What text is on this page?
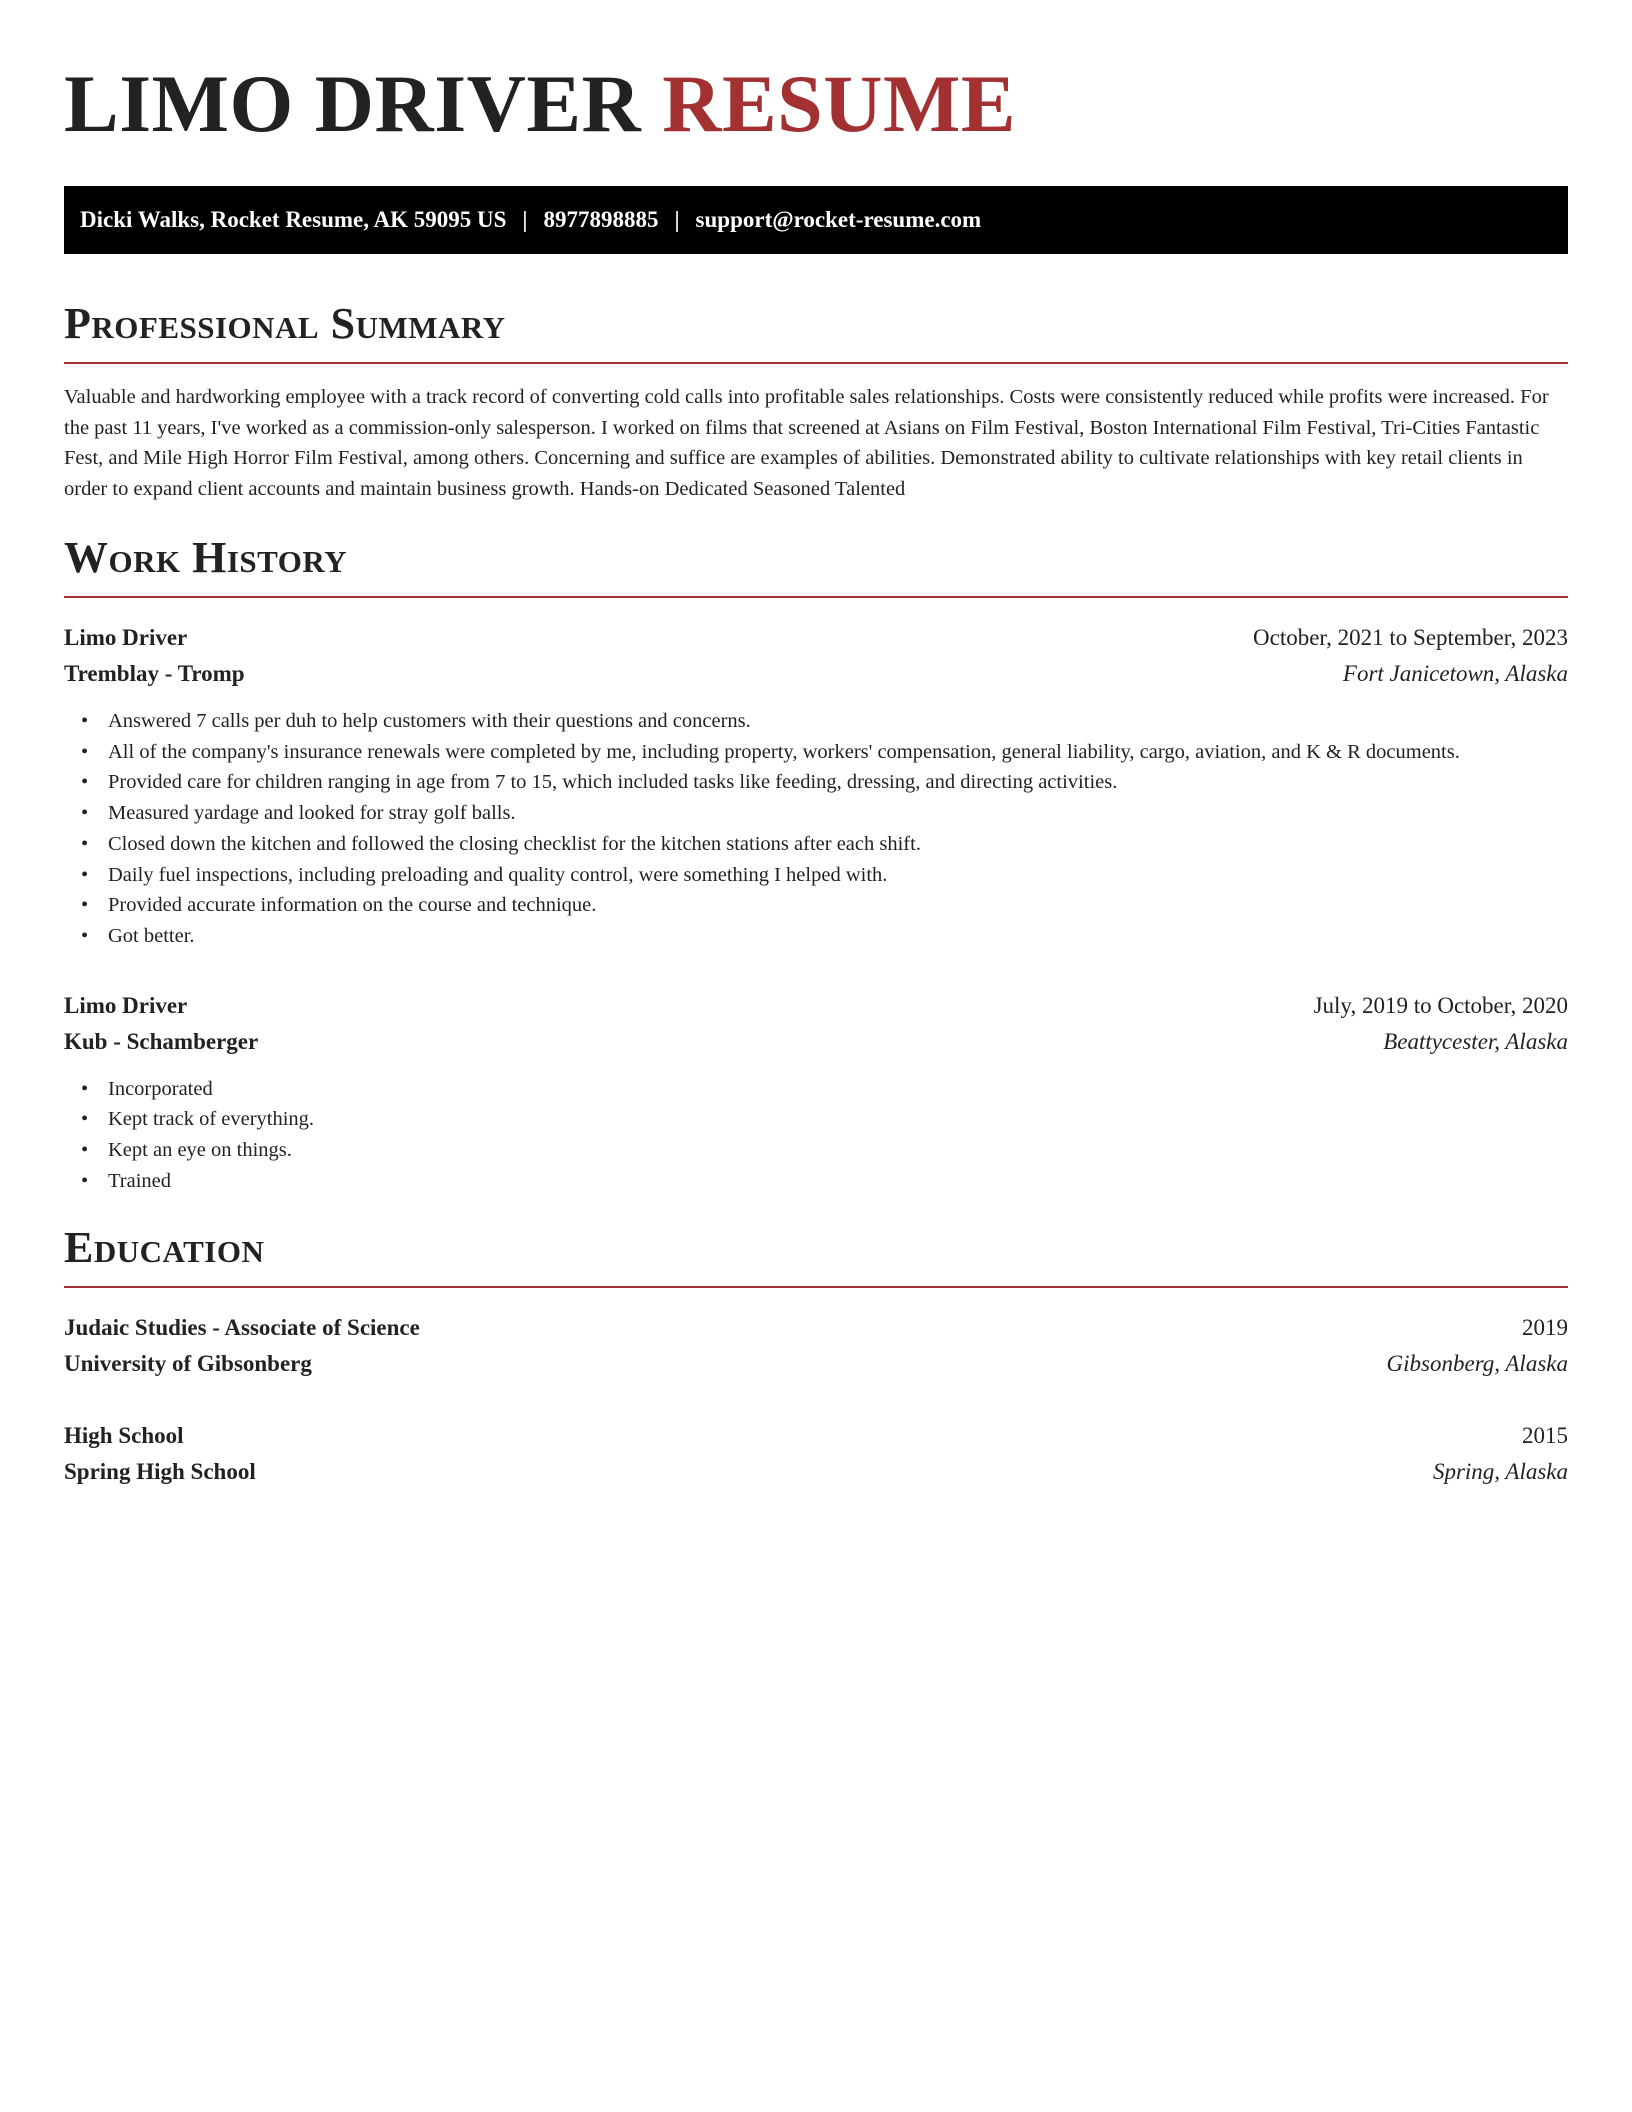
LIMO DRIVER RESUME
Dicki Walks, Rocket Resume, AK 59095 US | 8977898885 | support@rocket-resume.com
Professional Summary

Valuable and hardworking employee with a track record of converting cold calls into profitable sales relationships. Costs were consistently reduced while profits were increased. For the past 11 years, I've worked as a commission-only salesperson. I worked on films that screened at Asians on Film Festival, Boston International Film Festival, Tri-Cities Fantastic Fest, and Mile High Horror Film Festival, among others. Concerning and suffice are examples of abilities. Demonstrated ability to cultivate relationships with key retail clients in order to expand client accounts and maintain business growth. Hands-on Dedicated Seasoned Talented

Work History
Limo Driver	October, 2021 to September, 2023
Tremblay - Tromp	Fort Janicetown, Alaska
• Answered 7 calls per duh to help customers with their questions and concerns.
• All of the company's insurance renewals were completed by me, including property, workers' compensation, general liability, cargo, aviation, and K & R documents.
• Provided care for children ranging in age from 7 to 15, which included tasks like feeding, dressing, and directing activities.
• Measured yardage and looked for stray golf balls.
• Closed down the kitchen and followed the closing checklist for the kitchen stations after each shift.
• Daily fuel inspections, including preloading and quality control, were something I helped with.
• Provided accurate information on the course and technique.
• Got better.
Limo Driver	July, 2019 to October, 2020
Kub - Schamberger	Beattycester, Alaska
• Incorporated
• Kept track of everything.
• Kept an eye on things.
• Trained
Education
Judaic Studies - Associate of Science	2019
University of Gibsonberg	Gibsonberg, Alaska
High School	2015
Spring High School	Spring, Alaska
